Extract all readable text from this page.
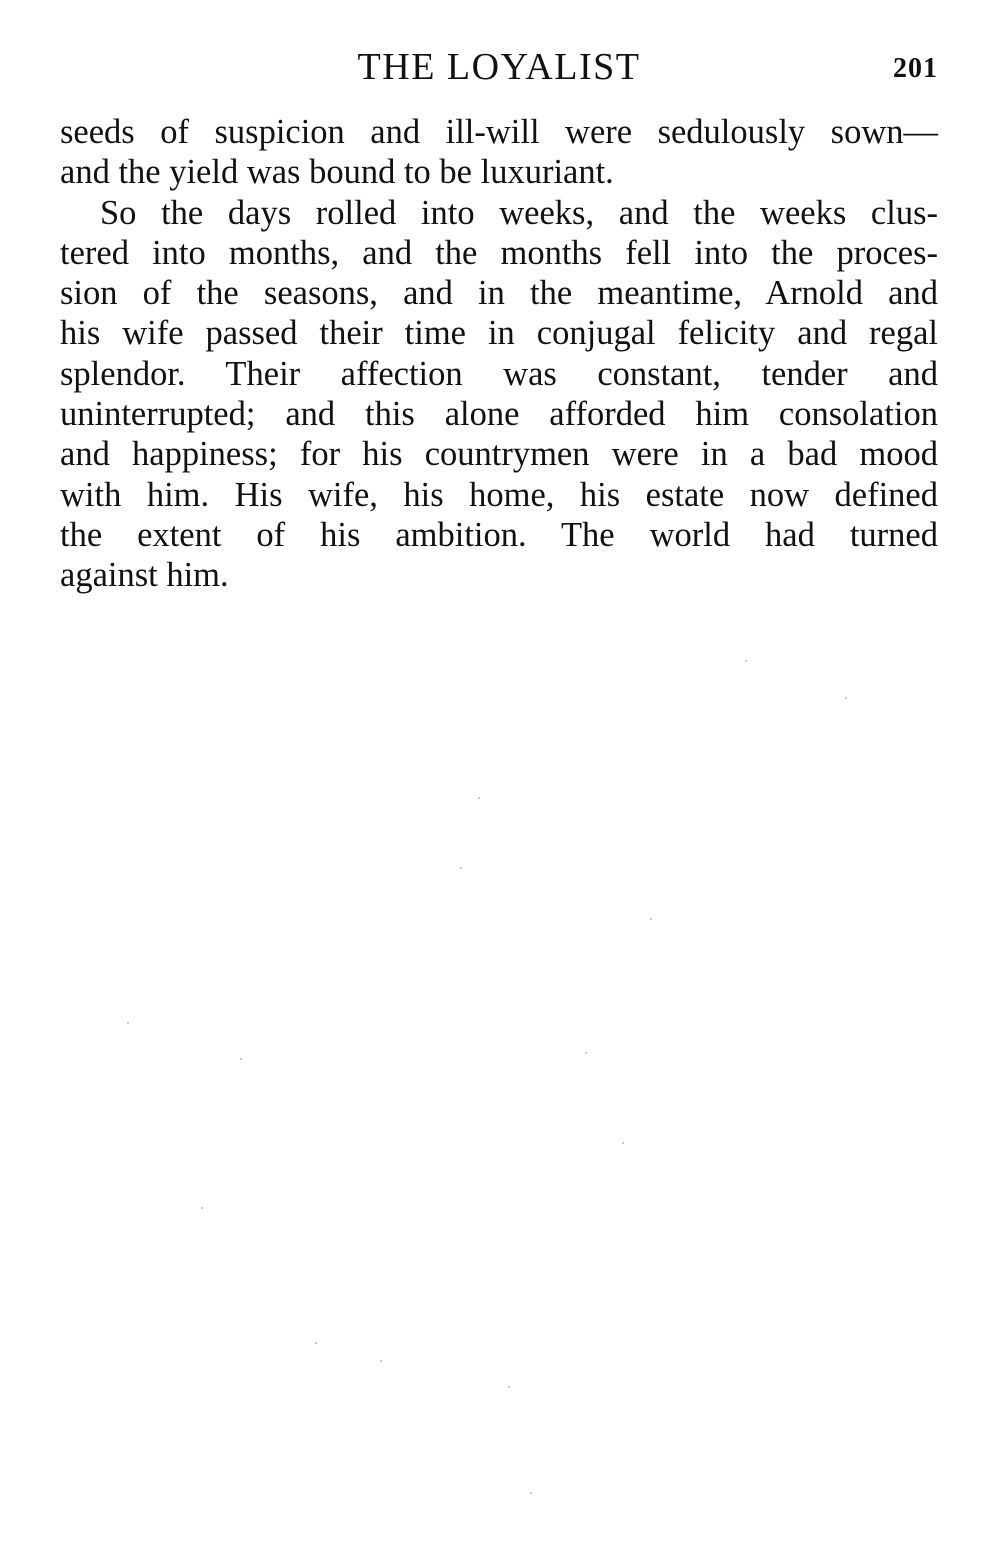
THE LOYALIST	201
seeds of suspicion and ill-will were sedulously sown—
and the yield was bound to be luxuriant.
So the days rolled into weeks, and the weeks clus-
tered into months, and the months fell into the proces-
sion of the seasons, and in the meantime, Arnold and
his wife passed their time in conjugal felicity and regal
splendor. Their affection was constant, tender and
uninterrupted; and this alone afforded him consolation
and happiness; for his countrymen were in a bad mood
with him. His wife, his home, his estate now defined
the extent of his ambition. The world had turned
against him.
